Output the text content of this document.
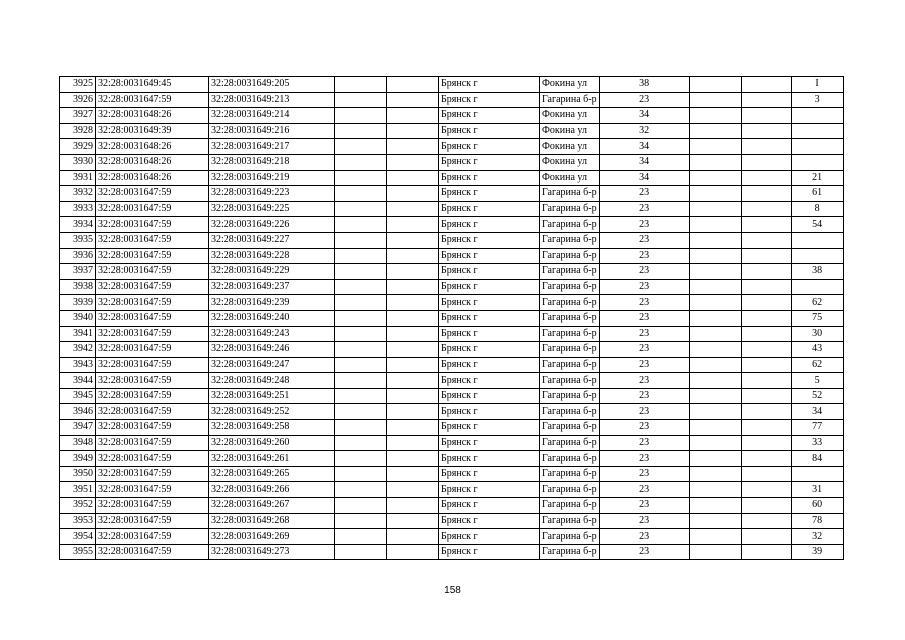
3925	32:28:0031649:45	32:28:0031649:205			Брянск г	Фокина ул	38			I
3926	32:28:0031647:59	32:28:0031649:213			Брянск г	Гагарина б-р	23			3
3927	32:28:0031648:26	32:28:0031649:214			Брянск г	Фокина ул	34			
3928	32:28:0031649:39	32:28:0031649:216			Брянск г	Фокина ул	32			
3929	32:28:0031648:26	32:28:0031649:217			Брянск г	Фокина ул	34			
3930	32:28:0031648:26	32:28:0031649:218			Брянск г	Фокина ул	34			
3931	32:28:0031648:26	32:28:0031649:219			Брянск г	Фокина ул	34			21
3932	32:28:0031647:59	32:28:0031649:223			Брянск г	Гагарина б-р	23			61
3933	32:28:0031647:59	32:28:0031649:225			Брянск г	Гагарина б-р	23			8
3934	32:28:0031647:59	32:28:0031649:226			Брянск г	Гагарина б-р	23			54
3935	32:28:0031647:59	32:28:0031649:227			Брянск г	Гагарина б-р	23			
3936	32:28:0031647:59	32:28:0031649:228			Брянск г	Гагарина б-р	23			
3937	32:28:0031647:59	32:28:0031649:229			Брянск г	Гагарина б-р	23			38
3938	32:28:0031647:59	32:28:0031649:237			Брянск г	Гагарина б-р	23			
3939	32:28:0031647:59	32:28:0031649:239			Брянск г	Гагарина б-р	23			62
3940	32:28:0031647:59	32:28:0031649:240			Брянск г	Гагарина б-р	23			75
3941	32:28:0031647:59	32:28:0031649:243			Брянск г	Гагарина б-р	23			30
3942	32:28:0031647:59	32:28:0031649:246			Брянск г	Гагарина б-р	23			43
3943	32:28:0031647:59	32:28:0031649:247			Брянск г	Гагарина б-р	23			62
3944	32:28:0031647:59	32:28:0031649:248			Брянск г	Гагарина б-р	23			5
3945	32:28:0031647:59	32:28:0031649:251			Брянск г	Гагарина б-р	23			52
3946	32:28:0031647:59	32:28:0031649:252			Брянск г	Гагарина б-р	23			34
3947	32:28:0031647:59	32:28:0031649:258			Брянск г	Гагарина б-р	23			77
3948	32:28:0031647:59	32:28:0031649:260			Брянск г	Гагарина б-р	23			33
3949	32:28:0031647:59	32:28:0031649:261			Брянск г	Гагарина б-р	23			84
3950	32:28:0031647:59	32:28:0031649:265			Брянск г	Гагарина б-р	23			
3951	32:28:0031647:59	32:28:0031649:266			Брянск г	Гагарина б-р	23			31
3952	32:28:0031647:59	32:28:0031649:267			Брянск г	Гагарина б-р	23			60
3953	32:28:0031647:59	32:28:0031649:268			Брянск г	Гагарина б-р	23			78
3954	32:28:0031647:59	32:28:0031649:269			Брянск г	Гагарина б-р	23			32
3955	32:28:0031647:59	32:28:0031649:273			Брянск г	Гагарина б-р	23			39
158
